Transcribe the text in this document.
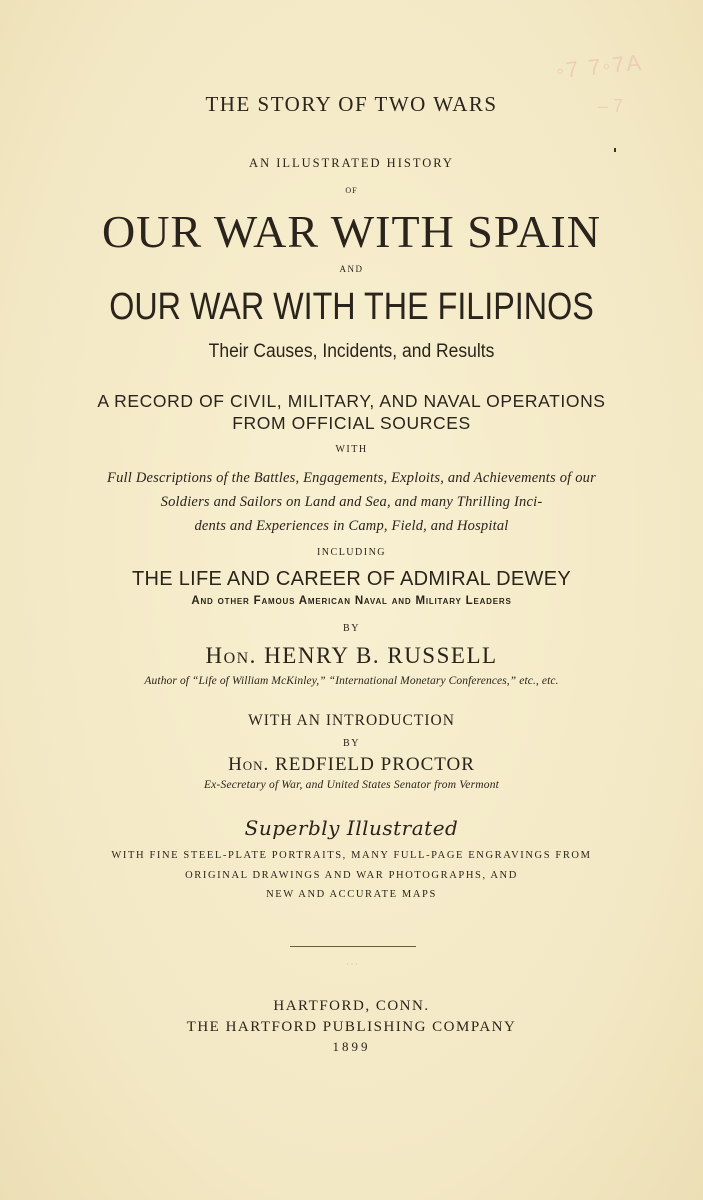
◦7 7◦7A
– 7
THE STORY OF TWO WARS

AN ILLUSTRATED HISTORY

OF

OUR WAR WITH SPAIN

AND

OUR WAR WITH THE FILIPINOS

Their Causes, Incidents, and Results

A RECORD OF CIVIL, MILITARY, AND NAVAL OPERATIONS

FROM OFFICIAL SOURCES

WITH

Full Descriptions of the Battles, Engagements, Exploits, and Achievements of our

Soldiers and Sailors on Land and Sea, and many Thrilling Inci-

dents and Experiences in Camp, Field, and Hospital

INCLUDING

THE LIFE AND CAREER OF ADMIRAL DEWEY

And other Famous American Naval and Military Leaders

BY

Hon. HENRY B. RUSSELL

Author of “Life of William McKinley,” “International Monetary Conferences,” etc., etc.

WITH AN INTRODUCTION

BY

Hon. REDFIELD PROCTOR

Ex-Secretary of War, and United States Senator from Vermont

Superbly Illustrated

WITH FINE STEEL-PLATE PORTRAITS, MANY FULL-PAGE ENGRAVINGS FROM

ORIGINAL DRAWINGS AND WAR PHOTOGRAPHS, AND

NEW AND ACCURATE MAPS

· · ·

HARTFORD, CONN.

THE HARTFORD PUBLISHING COMPANY

1899
